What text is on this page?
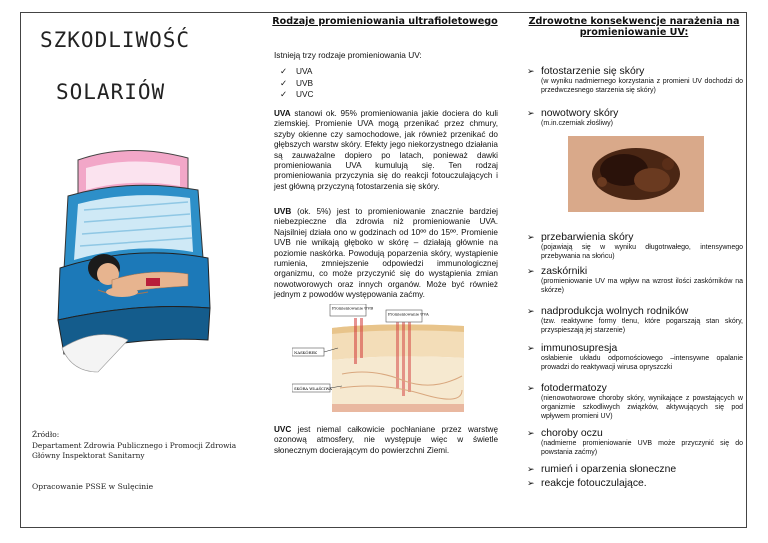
SZKODLIWOŚĆ
SOLARIÓW
Źródło:
Departament Zdrowia Publicznego i Promocji Zdrowia
Główny Inspektorat Sanitarny
Opracowanie PSSE w Sulęcinie
Rodzaje promieniowania ultrafioletowego
Istnieją trzy rodzaje promieniowania UV:
✓ UVA
✓ UVB
✓ UVC
UVA stanowi ok. 95% promieniowania jakie dociera do kuli ziemskiej. Promienie UVA mogą przenikać przez chmury, szyby okienne czy samochodowe, jak również przenikać do głębszych warstw skóry. Efekty jego niekorzystnego działania są zauważalne dopiero po latach, ponieważ dawki promieniowania UVA kumulują się. Ten rodzaj promieniowania przyczynia się do reakcji fotouczulających i jest główną przyczyną fotostarzenia się skóry.
UVB (ok. 5%) jest to promieniowanie znacznie bardziej niebezpieczne dla zdrowia niż promieniowanie UVA. Najsilniej działa ono w godzinach od 10ºº do 15ºº. Promienie UVB nie wnikają głęboko w skórę – działają głównie na poziomie naskórka. Powodują poparzenia skóry, wystąpienie rumienia, zmniejszenie odpowiedzi immunologicznej organizmu, co może przyczynić się do wystąpienia zmian nowotworowych oraz innych organów. Może być również jednym z powodów występowania zaćmy.
Promieniowanie UVB
Promieniowanie UVA
NASKÓREK
SKÓRA WŁAŚCIWA
UVC jest niemal całkowicie pochłaniane przez warstwę ozonową atmosfery, nie występuje więc w świetle słonecznym docierającym do powierzchni Ziemi.
Zdrowotne konsekwencje narażenia na promieniowanie UV:
➢ fotostarzenie się skóry
(w wyniku nadmiernego korzystania z promieni UV dochodzi do przedwczesnego starzenia się skóry)
➢ nowotwory skóry
(m.in.czerniak złośliwy)
➢ przebarwienia skóry
(pojawiają się w wyniku długotrwałego, intensywnego przebywania na słońcu)
➢ zaskórniki
(promieniowanie UV ma wpływ na wzrost ilości zaskórników na skórze)
➢ nadprodukcja wolnych rodników
(tzw. reaktywne formy tlenu, które pogarszają stan skóry, przyspieszają jej starzenie)
➢ immunosupresja
osłabienie układu odpornościowego –intensywne opalanie prowadzi do reaktywacji wirusa opryszczki
➢ fotodermatozy
(nienowotworowe choroby skóry, wynikające z powstających w organizmie szkodliwych związków, aktywujących się pod wpływem promieni UV)
➢ choroby oczu
(nadmierne promieniowanie UVB może przyczynić się do powstania zaćmy)
➢ rumień i oparzenia słoneczne
➢ reakcje fotouczulające.
